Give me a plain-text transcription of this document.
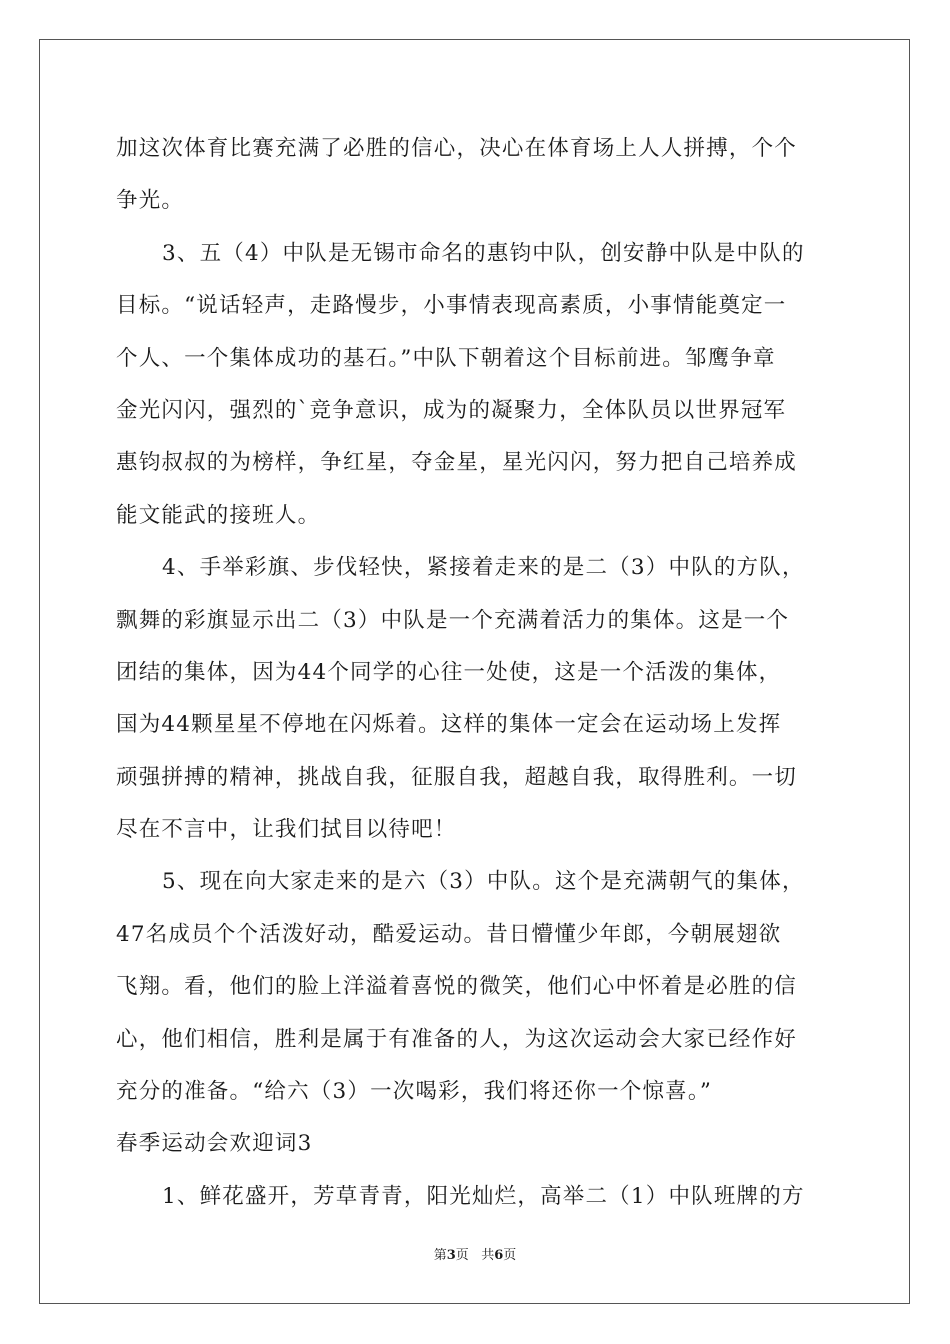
加这次体育比赛充满了必胜的信心，决心在体育场上人人拼搏，个个
争光。
3、五（4）中队是无锡市命名的惠钧中队，创安静中队是中队的
目标。“说话轻声，走路慢步，小事情表现高素质，小事情能奠定一
个人、一个集体成功的基石。”中队下朝着这个目标前进。邹鹰争章
金光闪闪，强烈的`竞争意识，成为的凝聚力，全体队员以世界冠军
惠钧叔叔的为榜样，争红星，夺金星，星光闪闪，努力把自己培养成
能文能武的接班人。
4、手举彩旗、步伐轻快，紧接着走来的是二（3）中队的方队，
飘舞的彩旗显示出二（3）中队是一个充满着活力的集体。这是一个
团结的集体，因为44个同学的心往一处使，这是一个活泼的集体，
国为44颗星星不停地在闪烁着。这样的集体一定会在运动场上发挥
顽强拼搏的精神，挑战自我，征服自我，超越自我，取得胜利。一切
尽在不言中，让我们拭目以待吧！
5、现在向大家走来的是六（3）中队。这个是充满朝气的集体，
47名成员个个活泼好动，酷爱运动。昔日懵懂少年郎，今朝展翅欲
飞翔。看，他们的脸上洋溢着喜悦的微笑，他们心中怀着是必胜的信
心，他们相信，胜利是属于有准备的人，为这次运动会大家已经作好
充分的准备。“给六（3）一次喝彩，我们将还你一个惊喜。”
春季运动会欢迎词3
1、鲜花盛开，芳草青青，阳光灿烂，高举二（1）中队班牌的方
第3页 共6页
